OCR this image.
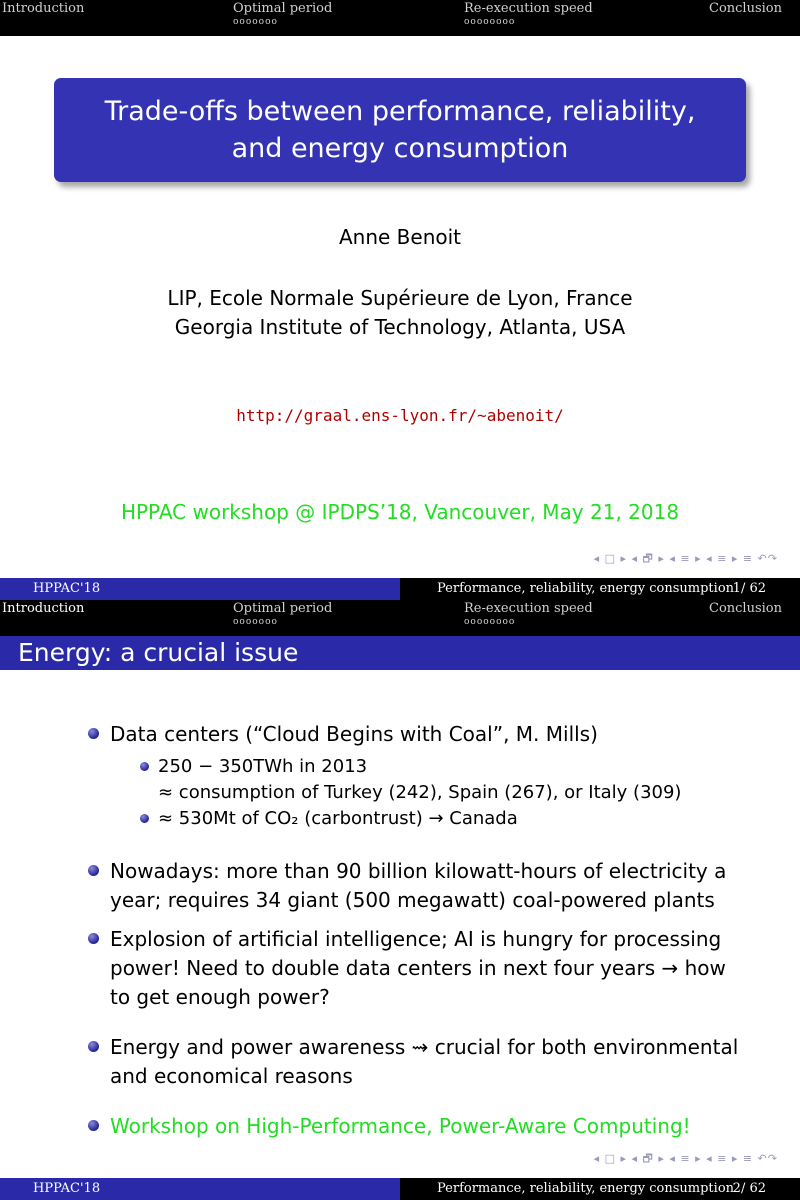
Introduction	Optimal period
ooooooo
Re-execution speed
oooooooo
Conclusion
Trade-offs between performance, reliability,
and energy consumption
Anne Benoit
LIP, Ecole Normale Supérieure de Lyon, France
Georgia Institute of Technology, Atlanta, USA
http://graal.ens-lyon.fr/~abenoit/
HPPAC workshop @ IPDPS’18, Vancouver, May 21, 2018
◂ □ ▸ ◂ 🗗 ▸ ◂ ≡ ▸ ◂ ≡ ▸ ≡ ↶↷
HPPAC'18	Performance, reliability, energy consumption
1/ 62
Introduction	Optimal period
ooooooo
Re-execution speed
oooooooo
Conclusion
Energy: a crucial issue
Data centers (“Cloud Begins with Coal”, M. Mills)
250 − 350TWh in 2013
≈ consumption of Turkey (242), Spain (267), or Italy (309)
≈ 530Mt of CO₂ (carbontrust) → Canada
Nowadays: more than 90 billion kilowatt-hours of electricity a
year; requires 34 giant (500 megawatt) coal-powered plants
Explosion of artificial intelligence; AI is hungry for processing
power! Need to double data centers in next four years → how
to get enough power?
Energy and power awareness ⇝ crucial for both environmental
and economical reasons
Workshop on High-Performance, Power-Aware Computing!
◂ □ ▸ ◂ 🗗 ▸ ◂ ≡ ▸ ◂ ≡ ▸ ≡ ↶↷
HPPAC'18	Performance, reliability, energy consumption
2/ 62
